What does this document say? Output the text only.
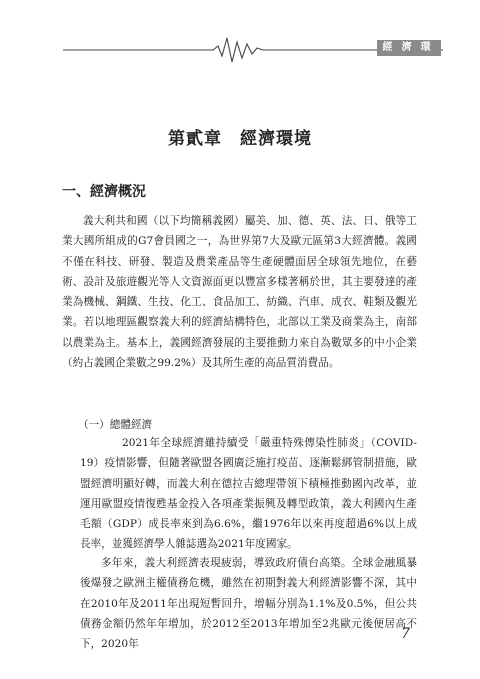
經濟環境
第貳章　經濟環境
一、經濟概況
義大利共和國（以下均簡稱義國）屬美、加、德、英、法、日、俄等工業大國所組成的G7會員國之一，為世界第7大及歐元區第3大經濟體。義國不僅在科技、研發、製造及農業產品等生產硬體面居全球領先地位，在藝術、設計及旅遊觀光等人文資源面更以豐富多樣著稱於世，其主要發達的產業為機械、鋼鐵、生技、化工、食品加工、紡織、汽車、成衣、鞋類及觀光業。若以地理區觀察義大利的經濟結構特色，北部以工業及商業為主，南部以農業為主。基本上，義國經濟發展的主要推動力來自為數眾多的中小企業（約占義國企業數之99.2%）及其所生產的高品質消費品。
（一）總體經濟
2021年全球經濟雖持續受「嚴重特殊傳染性肺炎」（COVID-19）疫情影響，但隨著歐盟各國廣泛施打疫苗、逐漸鬆綁管制措施，歐盟經濟明顯好轉，而義大利在德拉吉總理帶領下積極推動國內改革，並運用歐盟疫情復甦基金投入各項產業振興及轉型政策，義大利國內生產毛額（GDP）成長率來到為6.6%，繼1976年以來再度超過6%以上成長率，並獲經濟學人雜誌選為2021年度國家。
多年來，義大利經濟表現疲弱，導致政府債台高築。全球金融風暴後爆發之歐洲主權債務危機，雖然在初期對義大利經濟影響不深，其中在2010年及2011年出現短暫回升，增幅分別為1.1%及0.5%，但公共債務金額仍然年年增加，於2012至2013年增加至2兆歐元後便居高不下，2020年
7
